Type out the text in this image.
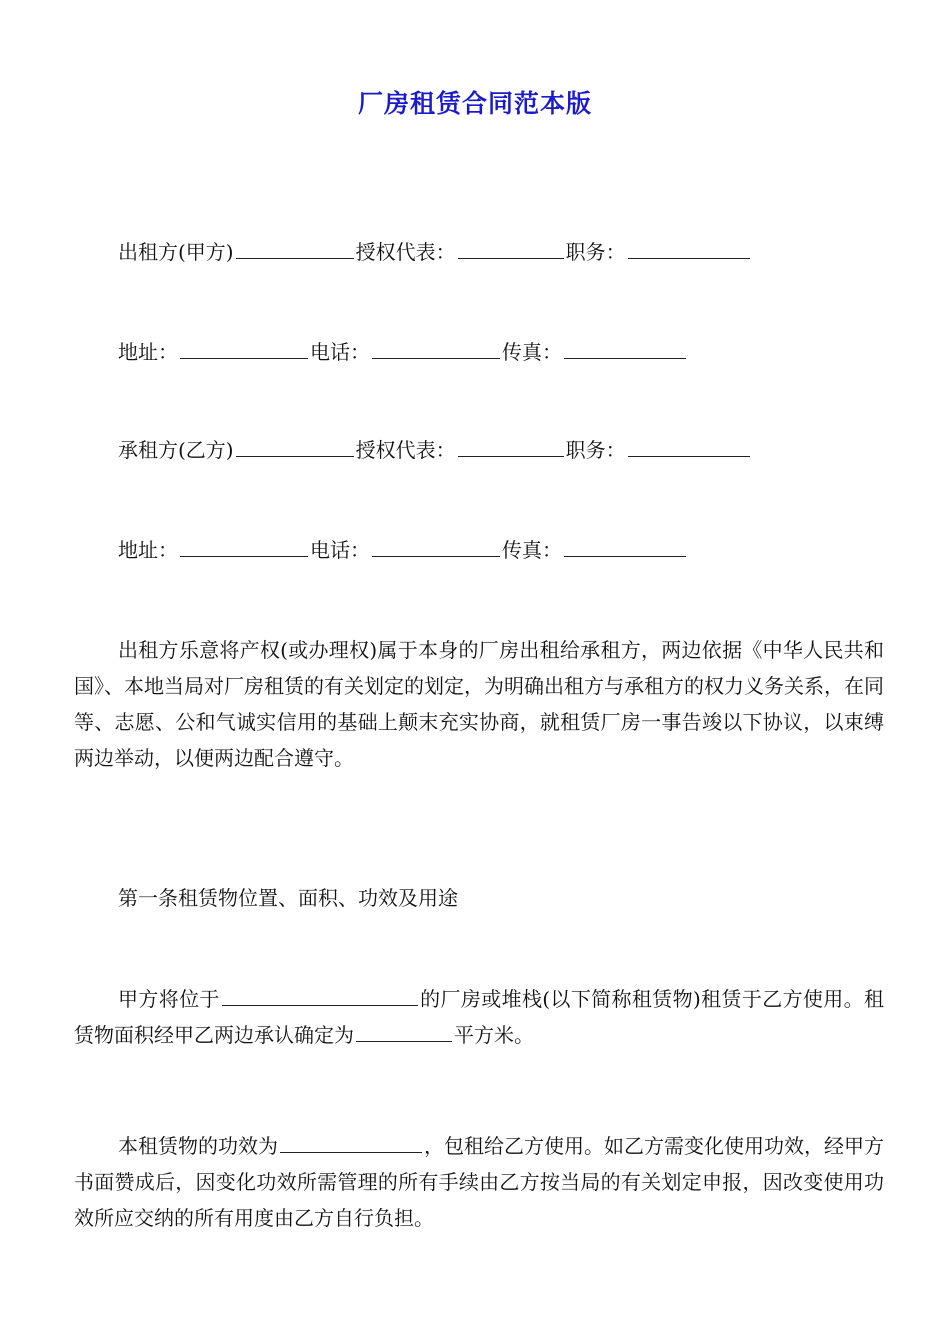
厂房租赁合同范本版
出租方(甲方)	授权代表：	职务：
地址：	电话：	传真：
承租方(乙方)	授权代表：	职务：
地址：	电话：	传真：
出租方乐意将产权(或办理权)属于本身的厂房出租给承租方，两边依据《中华人民共和国》、本地当局对厂房租赁的有关划定的划定，为明确出租方与承租方的权力义务关系，在同等、志愿、公和气诚实信用的基础上颠末充实协商，就租赁厂房一事告竣以下协议，以束缚两边举动，以便两边配合遵守。
第一条租赁物位置、面积、功效及用途
甲方将位于	的厂房或堆栈(以下简称租赁物)租赁于乙方使用。租赁物面积经甲乙两边承认确定为	平方米。
本租赁物的功效为	，包租给乙方使用。如乙方需变化使用功效，经甲方书面赞成后，因变化功效所需管理的所有手续由乙方按当局的有关划定申报，因改变使用功效所应交纳的所有用度由乙方自行负担。
